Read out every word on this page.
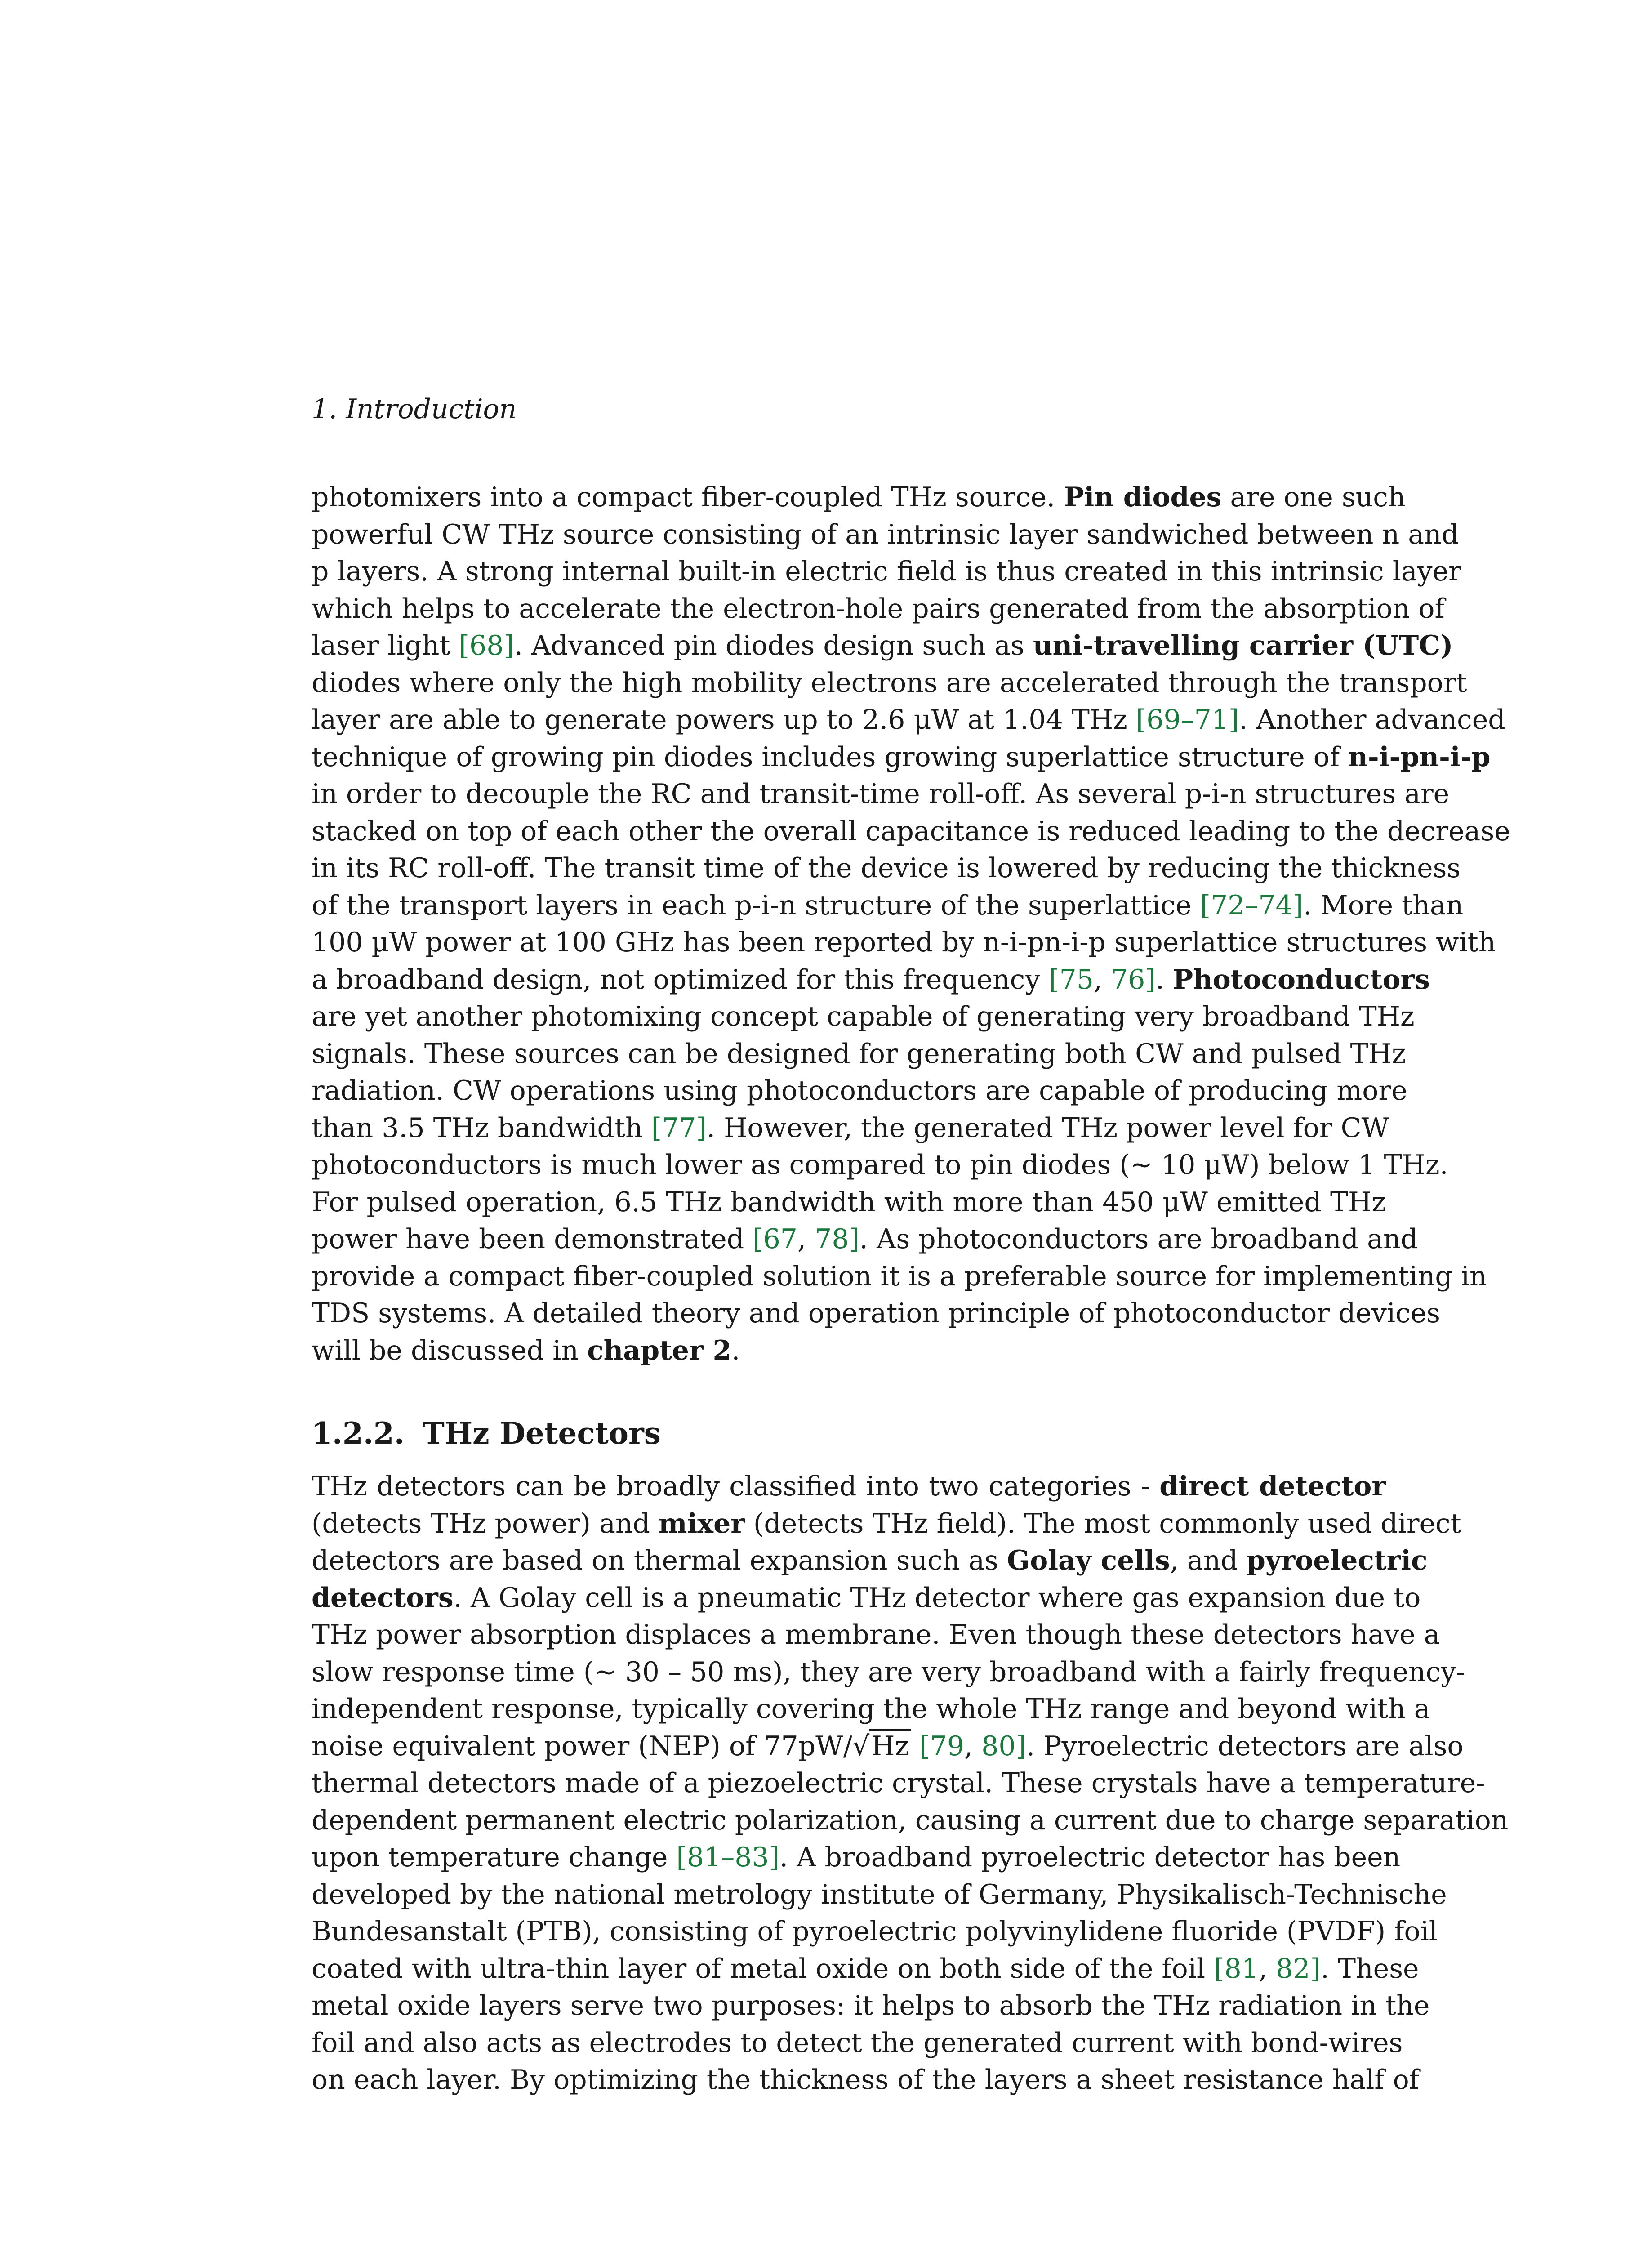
1. Introduction
photomixers into a compact fiber-coupled THz source. Pin diodes are one such
powerful CW THz source consisting of an intrinsic layer sandwiched between n and
p layers. A strong internal built-in electric field is thus created in this intrinsic layer
which helps to accelerate the electron-hole pairs generated from the absorption of
laser light [68]. Advanced pin diodes design such as uni-travelling carrier (UTC)
diodes where only the high mobility electrons are accelerated through the transport
layer are able to generate powers up to 2.6 μW at 1.04 THz [69–71]. Another advanced
technique of growing pin diodes includes growing superlattice structure of n-i-pn-i-p
in order to decouple the RC and transit-time roll-off. As several p-i-n structures are
stacked on top of each other the overall capacitance is reduced leading to the decrease
in its RC roll-off. The transit time of the device is lowered by reducing the thickness
of the transport layers in each p-i-n structure of the superlattice [72–74]. More than
100 µW power at 100 GHz has been reported by n-i-pn-i-p superlattice structures with
a broadband design, not optimized for this frequency [75, 76]. Photoconductors
are yet another photomixing concept capable of generating very broadband THz
signals. These sources can be designed for generating both CW and pulsed THz
radiation. CW operations using photoconductors are capable of producing more
than 3.5 THz bandwidth [77]. However, the generated THz power level for CW
photoconductors is much lower as compared to pin diodes (~ 10 μW) below 1 THz.
For pulsed operation, 6.5 THz bandwidth with more than 450 μW emitted THz
power have been demonstrated [67, 78]. As photoconductors are broadband and
provide a compact fiber-coupled solution it is a preferable source for implementing in
TDS systems. A detailed theory and operation principle of photoconductor devices
will be discussed in chapter 2.
1.2.2. THz Detectors
THz detectors can be broadly classified into two categories - direct detector
(detects THz power) and mixer (detects THz field). The most commonly used direct
detectors are based on thermal expansion such as Golay cells, and pyroelectric
detectors. A Golay cell is a pneumatic THz detector where gas expansion due to
THz power absorption displaces a membrane. Even though these detectors have a
slow response time (~ 30 – 50 ms), they are very broadband with a fairly frequency-
independent response, typically covering the whole THz range and beyond with a
noise equivalent power (NEP) of 77pW/√Hz [79, 80]. Pyroelectric detectors are also
thermal detectors made of a piezoelectric crystal. These crystals have a temperature-
dependent permanent electric polarization, causing a current due to charge separation
upon temperature change [81–83]. A broadband pyroelectric detector has been
developed by the national metrology institute of Germany, Physikalisch-Technische
Bundesanstalt (PTB), consisting of pyroelectric polyvinylidene fluoride (PVDF) foil
coated with ultra-thin layer of metal oxide on both side of the foil [81, 82]. These
metal oxide layers serve two purposes: it helps to absorb the THz radiation in the
foil and also acts as electrodes to detect the generated current with bond-wires
on each layer. By optimizing the thickness of the layers a sheet resistance half of
